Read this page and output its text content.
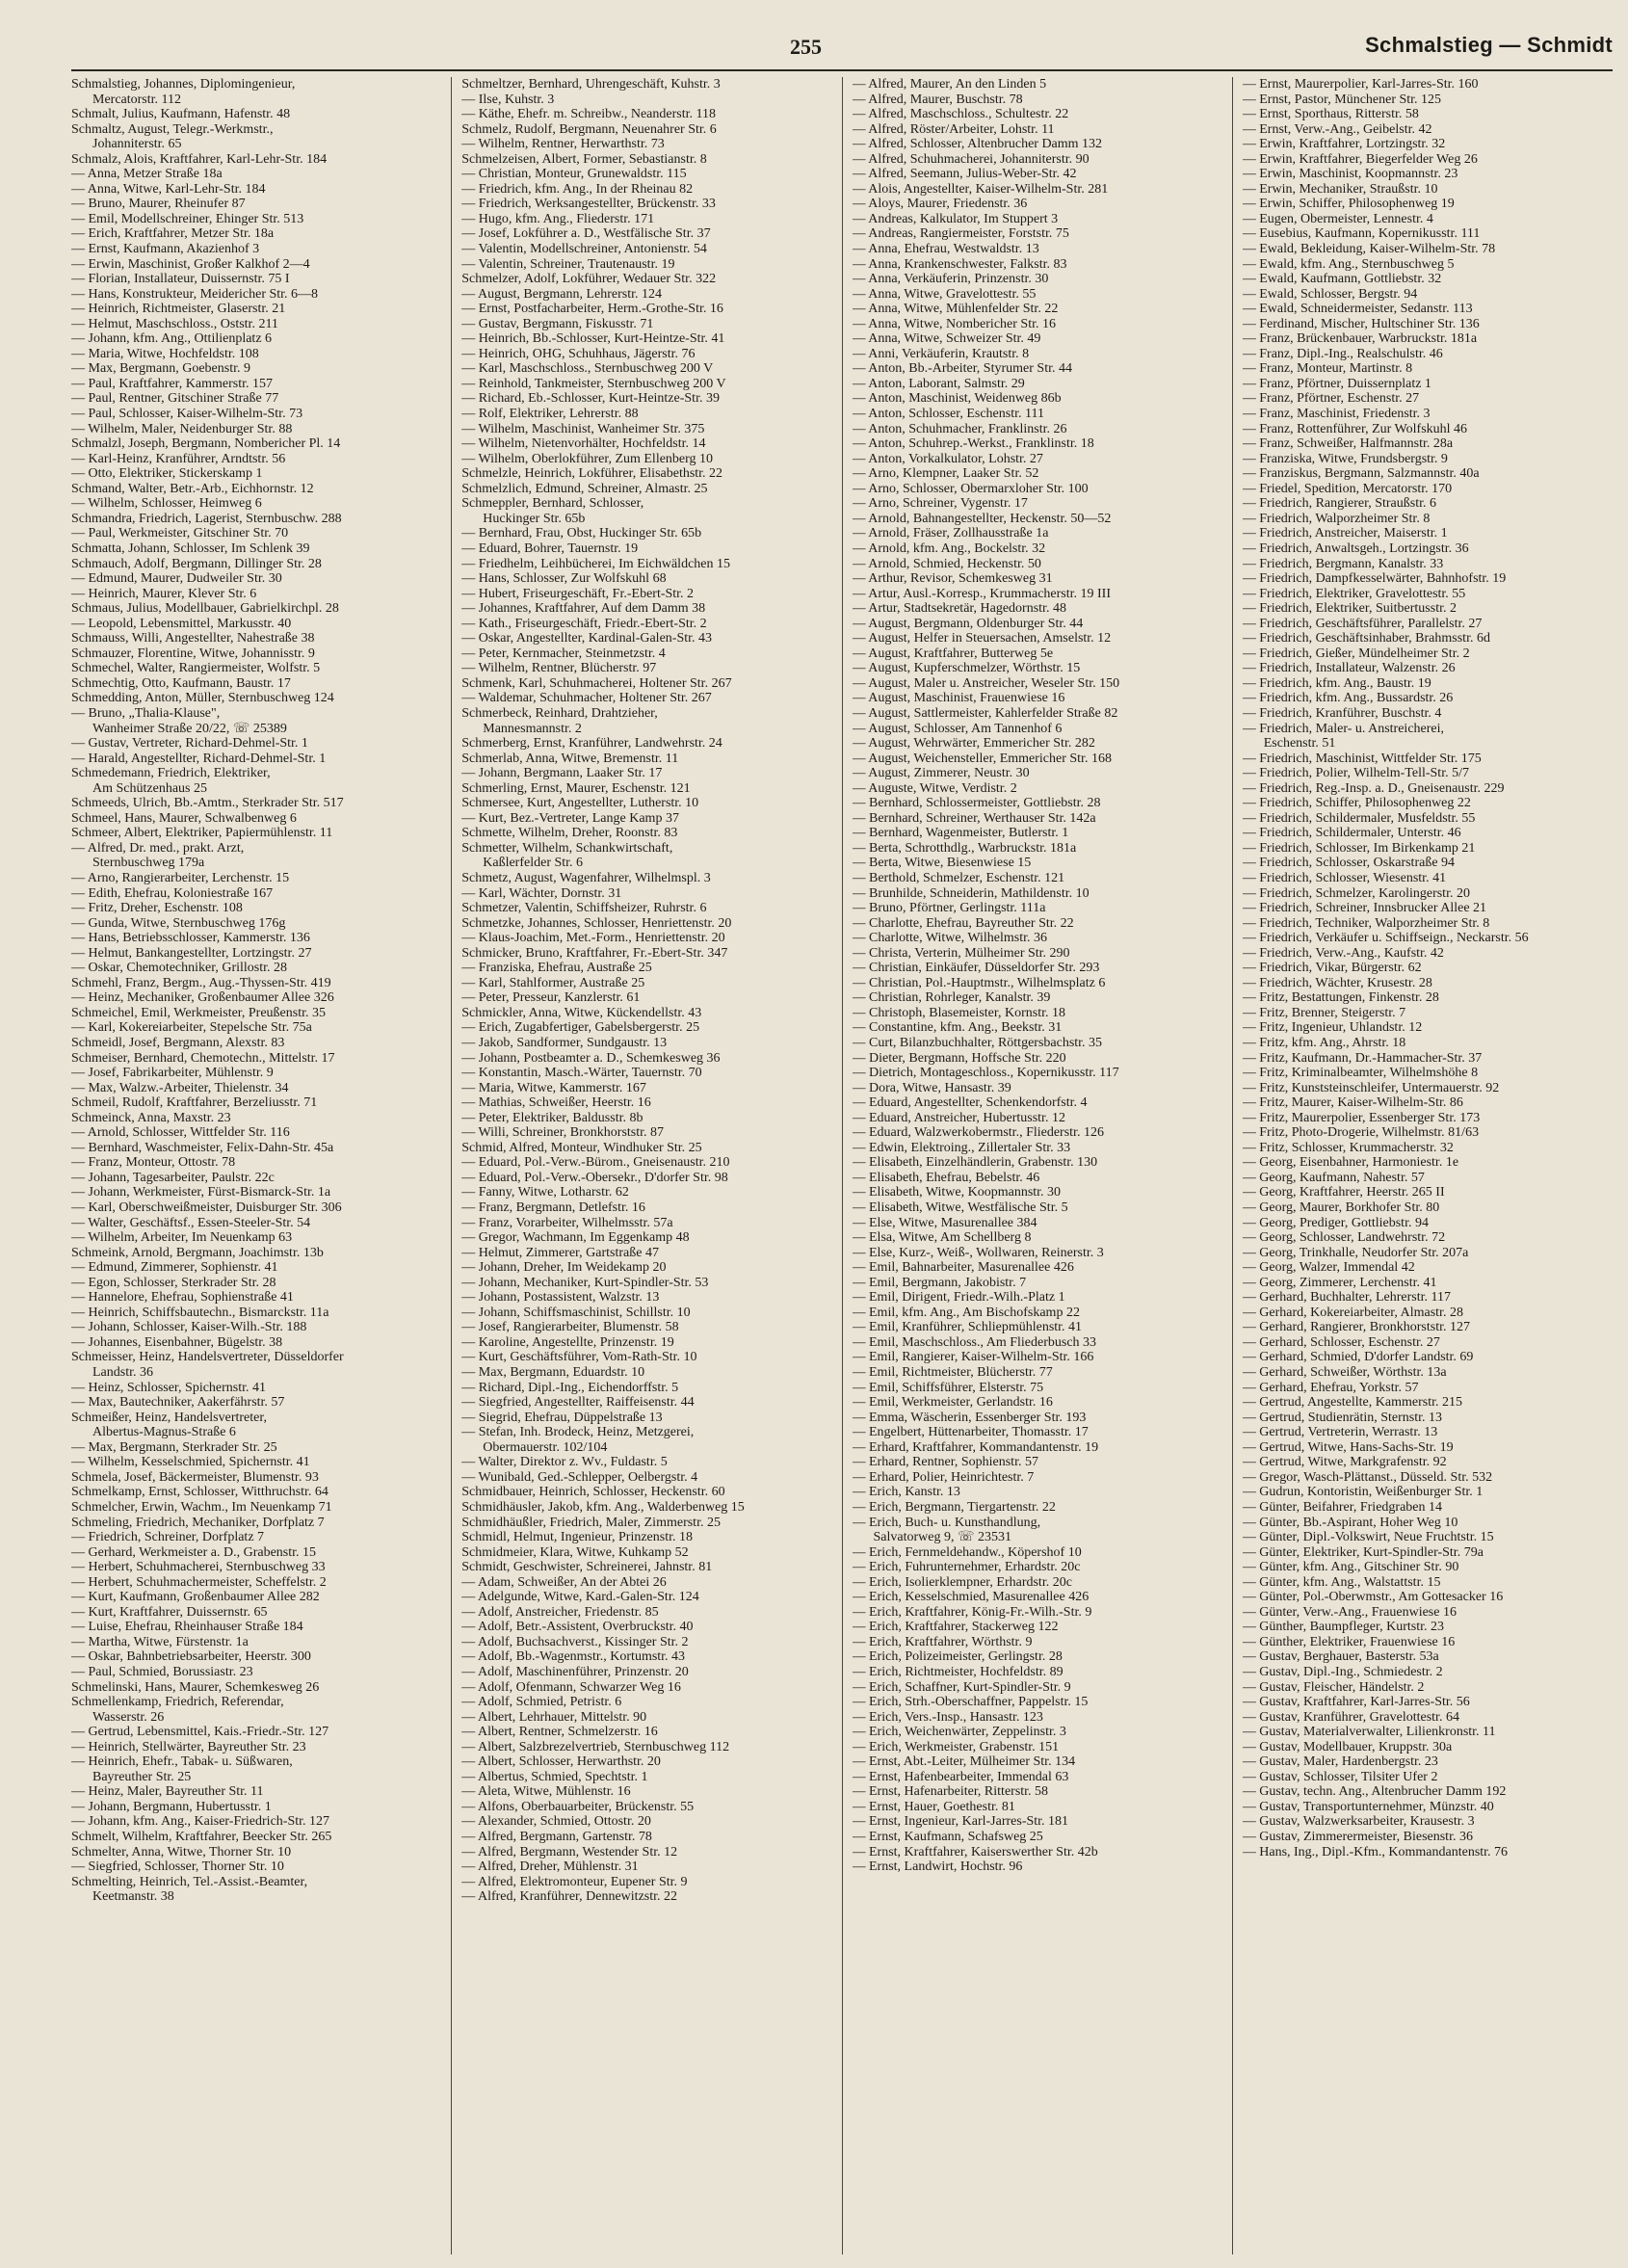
255	Schmalstieg — Schmidt
Schmalstieg, Johannes, Diplomingenieur,
Mercatorstr. 112
Schmalt, Julius, Kaufmann, Hafenstr. 48
Schmaltz, August, Telegr.-Werkmstr.,
Johanniterstr. 65
Schmalz, Alois, Kraftfahrer, Karl-Lehr-Str. 184
— Anna, Metzer Straße 18a
— Anna, Witwe, Karl-Lehr-Str. 184
— Bruno, Maurer, Rheinufer 87
— Emil, Modellschreiner, Ehinger Str. 513
— Erich, Kraftfahrer, Metzer Str. 18a
— Ernst, Kaufmann, Akazienhof 3
— Erwin, Maschinist, Großer Kalkhof 2—4
— Florian, Installateur, Duissernstr. 75 I
— Hans, Konstrukteur, Meidericher Str. 6—8
— Heinrich, Richtmeister, Glaserstr. 21
— Helmut, Maschschloss., Oststr. 211
— Johann, kfm. Ang., Ottilienplatz 6
— Maria, Witwe, Hochfeldstr. 108
— Max, Bergmann, Goebenstr. 9
— Paul, Kraftfahrer, Kammerstr. 157
— Paul, Rentner, Gitschiner Straße 77
— Paul, Schlosser, Kaiser-Wilhelm-Str. 73
— Wilhelm, Maler, Neidenburger Str. 88
Schmalzl, Joseph, Bergmann, Nombericher Pl. 14
— Karl-Heinz, Kranführer, Arndtstr. 56
— Otto, Elektriker, Stickerskamp 1
Schmand, Walter, Betr.-Arb., Eichhornstr. 12
— Wilhelm, Schlosser, Heimweg 6
Schmandra, Friedrich, Lagerist, Sternbuschw. 288
— Paul, Werkmeister, Gitschiner Str. 70
Schmatta, Johann, Schlosser, Im Schlenk 39
Schmauch, Adolf, Bergmann, Dillinger Str. 28
— Edmund, Maurer, Dudweiler Str. 30
— Heinrich, Maurer, Klever Str. 6
Schmaus, Julius, Modellbauer, Gabrielkirchpl. 28
— Leopold, Lebensmittel, Markusstr. 40
Schmauss, Willi, Angestellter, Nahestraße 38
Schmauzer, Florentine, Witwe, Johannisstr. 9
Schmechel, Walter, Rangiermeister, Wolfstr. 5
Schmechtig, Otto, Kaufmann, Baustr. 17
Schmedding, Anton, Müller, Sternbuschweg 124
— Bruno, „Thalia-Klause",
Wanheimer Straße 20/22, ☏ 25389
— Gustav, Vertreter, Richard-Dehmel-Str. 1
— Harald, Angestellter, Richard-Dehmel-Str. 1
Schmedemann, Friedrich, Elektriker,
Am Schützenhaus 25
Schmeeds, Ulrich, Bb.-Amtm., Sterkrader Str. 517
Schmeel, Hans, Maurer, Schwalbenweg 6
Schmeer, Albert, Elektriker, Papiermühlenstr. 11
— Alfred, Dr. med., prakt. Arzt,
Sternbuschweg 179a
— Arno, Rangierarbeiter, Lerchenstr. 15
— Edith, Ehefrau, Koloniestraße 167
— Fritz, Dreher, Eschenstr. 108
— Gunda, Witwe, Sternbuschweg 176g
— Hans, Betriebsschlosser, Kammerstr. 136
— Helmut, Bankangestellter, Lortzingstr. 27
— Oskar, Chemotechniker, Grillostr. 28
Schmehl, Franz, Bergm., Aug.-Thyssen-Str. 419
— Heinz, Mechaniker, Großenbaumer Allee 326
Schmeichel, Emil, Werkmeister, Preußenstr. 35
— Karl, Kokereiarbeiter, Stepelsche Str. 75a
Schmeidl, Josef, Bergmann, Alexstr. 83
Schmeiser, Bernhard, Chemotechn., Mittelstr. 17
— Josef, Fabrikarbeiter, Mühlenstr. 9
— Max, Walzw.-Arbeiter, Thielenstr. 34
Schmeil, Rudolf, Kraftfahrer, Berzeliusstr. 71
Schmeinck, Anna, Maxstr. 23
— Arnold, Schlosser, Wittfelder Str. 116
— Bernhard, Waschmeister, Felix-Dahn-Str. 45a
— Franz, Monteur, Ottostr. 78
— Johann, Tagesarbeiter, Paulstr. 22c
— Johann, Werkmeister, Fürst-Bismarck-Str. 1a
— Karl, Oberschweißmeister, Duisburger Str. 306
— Walter, Geschäftsf., Essen-Steeler-Str. 54
— Wilhelm, Arbeiter, Im Neuenkamp 63
Schmeink, Arnold, Bergmann, Joachimstr. 13b
— Edmund, Zimmerer, Sophienstr. 41
— Egon, Schlosser, Sterkrader Str. 28
— Hannelore, Ehefrau, Sophienstraße 41
— Heinrich, Schiffsbautechn., Bismarckstr. 11a
— Johann, Schlosser, Kaiser-Wilh.-Str. 188
— Johannes, Eisenbahner, Bügelstr. 38
Schmeisser, Heinz, Handelsvertreter, Düsseldorfer
Landstr. 36
— Heinz, Schlosser, Spichernstr. 41
— Max, Bautechniker, Aakerfährstr. 57
Schmeißer, Heinz, Handelsvertreter,
Albertus-Magnus-Straße 6
— Max, Bergmann, Sterkrader Str. 25
— Wilhelm, Kesselschmied, Spichernstr. 41
Schmela, Josef, Bäckermeister, Blumenstr. 93
Schmelkamp, Ernst, Schlosser, Witthruchstr. 64
Schmelcher, Erwin, Wachm., Im Neuenkamp 71
Schmeling, Friedrich, Mechaniker, Dorfplatz 7
— Friedrich, Schreiner, Dorfplatz 7
— Gerhard, Werkmeister a. D., Grabenstr. 15
— Herbert, Schuhmacherei, Sternbuschweg 33
— Herbert, Schuhmachermeister, Scheffelstr. 2
— Kurt, Kaufmann, Großenbaumer Allee 282
— Kurt, Kraftfahrer, Duissernstr. 65
— Luise, Ehefrau, Rheinhauser Straße 184
— Martha, Witwe, Fürstenstr. 1a
— Oskar, Bahnbetriebsarbeiter, Heerstr. 300
— Paul, Schmied, Borussiastr. 23
Schmelinski, Hans, Maurer, Schemkesweg 26
Schmellenkamp, Friedrich, Referendar,
Wasserstr. 26
— Gertrud, Lebensmittel, Kais.-Friedr.-Str. 127
— Heinrich, Stellwärter, Bayreuther Str. 23
— Heinrich, Ehefr., Tabak- u. Süßwaren,
Bayreuther Str. 25
— Heinz, Maler, Bayreuther Str. 11
— Johann, Bergmann, Hubertusstr. 1
— Johann, kfm. Ang., Kaiser-Friedrich-Str. 127
Schmelt, Wilhelm, Kraftfahrer, Beecker Str. 265
Schmelter, Anna, Witwe, Thorner Str. 10
— Siegfried, Schlosser, Thorner Str. 10
Schmelting, Heinrich, Tel.-Assist.-Beamter,
Keetmanstr. 38
Schmeltzer, Bernhard, Uhrengeschäft, Kuhstr. 3
— Ilse, Kuhstr. 3
— Käthe, Ehefr. m. Schreibw., Neanderstr. 118
Schmelz, Rudolf, Bergmann, Neuenahrer Str. 6
— Wilhelm, Rentner, Herwarthstr. 73
Schmelzeisen, Albert, Former, Sebastianstr. 8
— Christian, Monteur, Grunewaldstr. 115
— Friedrich, kfm. Ang., In der Rheinau 82
— Friedrich, Werksangestellter, Brückenstr. 33
— Hugo, kfm. Ang., Fliederstr. 171
— Josef, Lokführer a. D., Westfälische Str. 37
— Valentin, Modellschreiner, Antonienstr. 54
— Valentin, Schreiner, Trautenaustr. 19
Schmelzer, Adolf, Lokführer, Wedauer Str. 322
— August, Bergmann, Lehrerstr. 124
— Ernst, Postfacharbeiter, Herm.-Grothe-Str. 16
— Gustav, Bergmann, Fiskusstr. 71
— Heinrich, Bb.-Schlosser, Kurt-Heintze-Str. 41
— Heinrich, OHG, Schuhhaus, Jägerstr. 76
— Karl, Maschschloss., Sternbuschweg 200 V
— Reinhold, Tankmeister, Sternbuschweg 200 V
— Richard, Eb.-Schlosser, Kurt-Heintze-Str. 39
— Rolf, Elektriker, Lehrerstr. 88
— Wilhelm, Maschinist, Wanheimer Str. 375
— Wilhelm, Nietenvorhälter, Hochfeldstr. 14
— Wilhelm, Oberlokführer, Zum Ellenberg 10
Schmelzle, Heinrich, Lokführer, Elisabethstr. 22
Schmelzlich, Edmund, Schreiner, Almastr. 25
Schmeppler, Bernhard, Schlosser,
Huckinger Str. 65b
— Bernhard, Frau, Obst, Huckinger Str. 65b
— Eduard, Bohrer, Tauernstr. 19
— Friedhelm, Leihbücherei, Im Eichwäldchen 15
— Hans, Schlosser, Zur Wolfskuhl 68
— Hubert, Friseurgeschäft, Fr.-Ebert-Str. 2
— Johannes, Kraftfahrer, Auf dem Damm 38
— Kath., Friseurgeschäft, Friedr.-Ebert-Str. 2
— Oskar, Angestellter, Kardinal-Galen-Str. 43
— Peter, Kernmacher, Steinmetzstr. 4
— Wilhelm, Rentner, Blücherstr. 97
Schmenk, Karl, Schuhmacherei, Holtener Str. 267
— Waldemar, Schuhmacher, Holtener Str. 267
Schmerbeck, Reinhard, Drahtzieher,
Mannesmannstr. 2
Schmerberg, Ernst, Kranführer, Landwehrstr. 24
Schmerlab, Anna, Witwe, Bremenstr. 11
— Johann, Bergmann, Laaker Str. 17
Schmerling, Ernst, Maurer, Eschenstr. 121
Schmersee, Kurt, Angestellter, Lutherstr. 10
— Kurt, Bez.-Vertreter, Lange Kamp 37
Schmette, Wilhelm, Dreher, Roonstr. 83
Schmetter, Wilhelm, Schankwirtschaft,
Kaßlerfelder Str. 6
Schmetz, August, Wagenfahrer, Wilhelmspl. 3
— Karl, Wächter, Dornstr. 31
Schmetzer, Valentin, Schiffsheizer, Ruhrstr. 6
Schmetzke, Johannes, Schlosser, Henriettenstr. 20
— Klaus-Joachim, Met.-Form., Henriettenstr. 20
Schmicker, Bruno, Kraftfahrer, Fr.-Ebert-Str. 347
— Franziska, Ehefrau, Austraße 25
— Karl, Stahlformer, Austraße 25
— Peter, Presseur, Kanzlerstr. 61
Schmickler, Anna, Witwe, Kückendellstr. 43
— Erich, Zugabfertiger, Gabelsbergerstr. 25
— Jakob, Sandformer, Sundgaustr. 13
— Johann, Postbeamter a. D., Schemkesweg 36
— Konstantin, Masch.-Wärter, Tauernstr. 70
— Maria, Witwe, Kammerstr. 167
— Mathias, Schweißer, Heerstr. 16
— Peter, Elektriker, Baldusstr. 8b
— Willi, Schreiner, Bronkhorststr. 87
Schmid, Alfred, Monteur, Windhuker Str. 25
— Eduard, Pol.-Verw.-Bürom., Gneisenaustr. 210
— Eduard, Pol.-Verw.-Obersekr., D'dorfer Str. 98
— Fanny, Witwe, Lotharstr. 62
— Franz, Bergmann, Detlefstr. 16
— Franz, Vorarbeiter, Wilhelmsstr. 57a
— Gregor, Wachmann, Im Eggenkamp 48
— Helmut, Zimmerer, Gartstraße 47
— Johann, Dreher, Im Weidekamp 20
— Johann, Mechaniker, Kurt-Spindler-Str. 53
— Johann, Postassistent, Walzstr. 13
— Johann, Schiffsmaschinist, Schillstr. 10
— Josef, Rangierarbeiter, Blumenstr. 58
— Karoline, Angestellte, Prinzenstr. 19
— Kurt, Geschäftsführer, Vom-Rath-Str. 10
— Max, Bergmann, Eduardstr. 10
— Richard, Dipl.-Ing., Eichendorffstr. 5
— Siegfried, Angestellter, Raiffeisenstr. 44
— Siegrid, Ehefrau, Düppelstraße 13
— Stefan, Inh. Brodeck, Heinz, Metzgerei,
Obermauerstr. 102/104
— Walter, Direktor z. Wv., Fuldastr. 5
— Wunibald, Ged.-Schlepper, Oelbergstr. 4
Schmidbauer, Heinrich, Schlosser, Heckenstr. 60
Schmidhäusler, Jakob, kfm. Ang., Walderbenweg 15
Schmidhäußler, Friedrich, Maler, Zimmerstr. 25
Schmidl, Helmut, Ingenieur, Prinzenstr. 18
Schmidmeier, Klara, Witwe, Kuhkamp 52
Schmidt, Geschwister, Schreinerei, Jahnstr. 81
— Adam, Schweißer, An der Abtei 26
— Adelgunde, Witwe, Kard.-Galen-Str. 124
— Adolf, Anstreicher, Friedenstr. 85
— Adolf, Betr.-Assistent, Overbruckstr. 40
— Adolf, Buchsachverst., Kissinger Str. 2
— Adolf, Bb.-Wagenmstr., Kortumstr. 43
— Adolf, Maschinenführer, Prinzenstr. 20
— Adolf, Ofenmann, Schwarzer Weg 16
— Adolf, Schmied, Petristr. 6
— Albert, Lehrhauer, Mittelstr. 90
— Albert, Rentner, Schmelzerstr. 16
— Albert, Salzbrezelvertrieb, Sternbuschweg 112
— Albert, Schlosser, Herwarthstr. 20
— Albertus, Schmied, Spechtstr. 1
— Aleta, Witwe, Mühlenstr. 16
— Alfons, Oberbauarbeiter, Brückenstr. 55
— Alexander, Schmied, Ottostr. 20
— Alfred, Bergmann, Gartenstr. 78
— Alfred, Bergmann, Westender Str. 12
— Alfred, Dreher, Mühlenstr. 31
— Alfred, Elektromonteur, Eupener Str. 9
— Alfred, Kranführer, Dennewitzstr. 22
— Alfred, Maurer, An den Linden 5
— Alfred, Maurer, Buschstr. 78
— Alfred, Maschschloss., Schultestr. 22
— Alfred, Röster/Arbeiter, Lohstr. 11
— Alfred, Schlosser, Altenbrucher Damm 132
— Alfred, Schuhmacherei, Johanniterstr. 90
— Alfred, Seemann, Julius-Weber-Str. 42
— Alois, Angestellter, Kaiser-Wilhelm-Str. 281
— Aloys, Maurer, Friedenstr. 36
— Andreas, Kalkulator, Im Stuppert 3
— Andreas, Rangiermeister, Forststr. 75
— Anna, Ehefrau, Westwaldstr. 13
— Anna, Krankenschwester, Falkstr. 83
— Anna, Verkäuferin, Prinzenstr. 30
— Anna, Witwe, Gravelottestr. 55
— Anna, Witwe, Mühlenfelder Str. 22
— Anna, Witwe, Nombericher Str. 16
— Anna, Witwe, Schweizer Str. 49
— Anni, Verkäuferin, Krautstr. 8
— Anton, Bb.-Arbeiter, Styrumer Str. 44
— Anton, Laborant, Salmstr. 29
— Anton, Maschinist, Weidenweg 86b
— Anton, Schlosser, Eschenstr. 111
— Anton, Schuhmacher, Franklinstr. 26
— Anton, Schuhrep.-Werkst., Franklinstr. 18
— Anton, Vorkalkulator, Lohstr. 27
— Arno, Klempner, Laaker Str. 52
— Arno, Schlosser, Obermarxloher Str. 100
— Arno, Schreiner, Vygenstr. 17
— Arnold, Bahnangestellter, Heckenstr. 50—52
— Arnold, Fräser, Zollhausstraße 1a
— Arnold, kfm. Ang., Bockelstr. 32
— Arnold, Schmied, Heckenstr. 50
— Arthur, Revisor, Schemkesweg 31
— Artur, Ausl.-Korresp., Krummacherstr. 19 III
— Artur, Stadtsekretär, Hagedornstr. 48
— August, Bergmann, Oldenburger Str. 44
— August, Helfer in Steuersachen, Amselstr. 12
— August, Kraftfahrer, Butterweg 5e
— August, Kupferschmelzer, Wörthstr. 15
— August, Maler u. Anstreicher, Weseler Str. 150
— August, Maschinist, Frauenwiese 16
— August, Sattlermeister, Kahlerfelder Straße 82
— August, Schlosser, Am Tannenhof 6
— August, Wehrwärter, Emmericher Str. 282
— August, Weichensteller, Emmericher Str. 168
— August, Zimmerer, Neustr. 30
— Auguste, Witwe, Verdistr. 2
— Bernhard, Schlossermeister, Gottliebstr. 28
— Bernhard, Schreiner, Werthauser Str. 142a
— Bernhard, Wagenmeister, Butlerstr. 1
— Berta, Schrotthdlg., Warbruckstr. 181a
— Berta, Witwe, Biesenwiese 15
— Berthold, Schmelzer, Eschenstr. 121
— Brunhilde, Schneiderin, Mathildenstr. 10
— Bruno, Pförtner, Gerlingstr. 111a
— Charlotte, Ehefrau, Bayreuther Str. 22
— Charlotte, Witwe, Wilhelmstr. 36
— Christa, Verterin, Mülheimer Str. 290
— Christian, Einkäufer, Düsseldorfer Str. 293
— Christian, Pol.-Hauptmstr., Wilhelmsplatz 6
— Christian, Rohrleger, Kanalstr. 39
— Christoph, Blasemeister, Kornstr. 18
— Constantine, kfm. Ang., Beekstr. 31
— Curt, Bilanzbuchhalter, Röttgersbachstr. 35
— Dieter, Bergmann, Hoffsche Str. 220
— Dietrich, Montageschloss., Kopernikusstr. 117
— Dora, Witwe, Hansastr. 39
— Eduard, Angestellter, Schenkendorfstr. 4
— Eduard, Anstreicher, Hubertusstr. 12
— Eduard, Walzwerkobermstr., Fliederstr. 126
— Edwin, Elektroing., Zillertaler Str. 33
— Elisabeth, Einzelhändlerin, Grabenstr. 130
— Elisabeth, Ehefrau, Bebelstr. 46
— Elisabeth, Witwe, Koopmannstr. 30
— Elisabeth, Witwe, Westfälische Str. 5
— Else, Witwe, Masurenallee 384
— Elsa, Witwe, Am Schellberg 8
— Else, Kurz-, Weiß-, Wollwaren, Reinerstr. 3
— Emil, Bahnarbeiter, Masurenallee 426
— Emil, Bergmann, Jakobistr. 7
— Emil, Dirigent, Friedr.-Wilh.-Platz 1
— Emil, kfm. Ang., Am Bischofskamp 22
— Emil, Kranführer, Schliepmühlenstr. 41
— Emil, Maschschloss., Am Fliederbusch 33
— Emil, Rangierer, Kaiser-Wilhelm-Str. 166
— Emil, Richtmeister, Blücherstr. 77
— Emil, Schiffsführer, Elsterstr. 75
— Emil, Werkmeister, Gerlandstr. 16
— Emma, Wäscherin, Essenberger Str. 193
— Engelbert, Hüttenarbeiter, Thomasstr. 17
— Erhard, Kraftfahrer, Kommandantenstr. 19
— Erhard, Rentner, Sophienstr. 57
— Erhard, Polier, Heinrichtestr. 7
— Erich, Kanstr. 13
— Erich, Bergmann, Tiergartenstr. 22
— Erich, Buch- u. Kunsthandlung,
Salvatorweg 9, ☏ 23531
— Erich, Fernmeldehandw., Köpershof 10
— Erich, Fuhrunternehmer, Erhardstr. 20c
— Erich, Isolierklempner, Erhardstr. 20c
— Erich, Kesselschmied, Masurenallee 426
— Erich, Kraftfahrer, König-Fr.-Wilh.-Str. 9
— Erich, Kraftfahrer, Stackerweg 122
— Erich, Kraftfahrer, Wörthstr. 9
— Erich, Polizeimeister, Gerlingstr. 28
— Erich, Richtmeister, Hochfeldstr. 89
— Erich, Schaffner, Kurt-Spindler-Str. 9
— Erich, Strh.-Oberschaffner, Pappelstr. 15
— Erich, Vers.-Insp., Hansastr. 123
— Erich, Weichenwärter, Zeppelinstr. 3
— Erich, Werkmeister, Grabenstr. 151
— Ernst, Abt.-Leiter, Mülheimer Str. 134
— Ernst, Hafenbearbeiter, Immendal 63
— Ernst, Hafenarbeiter, Ritterstr. 58
— Ernst, Hauer, Goethestr. 81
— Ernst, Ingenieur, Karl-Jarres-Str. 181
— Ernst, Kaufmann, Schafsweg 25
— Ernst, Kraftfahrer, Kaiserswerther Str. 42b
— Ernst, Landwirt, Hochstr. 96
— Ernst, Maurerpolier, Karl-Jarres-Str. 160
— Ernst, Pastor, Münchener Str. 125
— Ernst, Sporthaus, Ritterstr. 58
— Ernst, Verw.-Ang., Geibelstr. 42
— Erwin, Kraftfahrer, Lortzingstr. 32
— Erwin, Kraftfahrer, Biegerfelder Weg 26
— Erwin, Maschinist, Koopmannstr. 23
— Erwin, Mechaniker, Straußstr. 10
— Erwin, Schiffer, Philosophenweg 19
— Eugen, Obermeister, Lennestr. 4
— Eusebius, Kaufmann, Kopernikusstr. 111
— Ewald, Bekleidung, Kaiser-Wilhelm-Str. 78
— Ewald, kfm. Ang., Sternbuschweg 5
— Ewald, Kaufmann, Gottliebstr. 32
— Ewald, Schlosser, Bergstr. 94
— Ewald, Schneidermeister, Sedanstr. 113
— Ferdinand, Mischer, Hultschiner Str. 136
— Franz, Brückenbauer, Warbruckstr. 181a
— Franz, Dipl.-Ing., Realschulstr. 46
— Franz, Monteur, Martinstr. 8
— Franz, Pförtner, Duissernplatz 1
— Franz, Pförtner, Eschenstr. 27
— Franz, Maschinist, Friedenstr. 3
— Franz, Rottenführer, Zur Wolfskuhl 46
— Franz, Schweißer, Halfmannstr. 28a
— Franziska, Witwe, Frundsbergstr. 9
— Franziskus, Bergmann, Salzmannstr. 40a
— Friedel, Spedition, Mercatorstr. 170
— Friedrich, Rangierer, Straußstr. 6
— Friedrich, Walporzheimer Str. 8
— Friedrich, Anstreicher, Maiserstr. 1
— Friedrich, Anwaltsgeh., Lortzingstr. 36
— Friedrich, Bergmann, Kanalstr. 33
— Friedrich, Dampfkesselwärter, Bahnhofstr. 19
— Friedrich, Elektriker, Gravelottestr. 55
— Friedrich, Elektriker, Suitbertusstr. 2
— Friedrich, Geschäftsführer, Parallelstr. 27
— Friedrich, Geschäftsinhaber, Brahmsstr. 6d
— Friedrich, Gießer, Mündelheimer Str. 2
— Friedrich, Installateur, Walzenstr. 26
— Friedrich, kfm. Ang., Baustr. 19
— Friedrich, kfm. Ang., Bussardstr. 26
— Friedrich, Kranführer, Buschstr. 4
— Friedrich, Maler- u. Anstreicherei,
Eschenstr. 51
— Friedrich, Maschinist, Wittfelder Str. 175
— Friedrich, Polier, Wilhelm-Tell-Str. 5/7
— Friedrich, Reg.-Insp. a. D., Gneisenaustr. 229
— Friedrich, Schiffer, Philosophenweg 22
— Friedrich, Schildermaler, Musfeldstr. 55
— Friedrich, Schildermaler, Unterstr. 46
— Friedrich, Schlosser, Im Birkenkamp 21
— Friedrich, Schlosser, Oskarstraße 94
— Friedrich, Schlosser, Wiesenstr. 41
— Friedrich, Schmelzer, Karolingerstr. 20
— Friedrich, Schreiner, Innsbrucker Allee 21
— Friedrich, Techniker, Walporzheimer Str. 8
— Friedrich, Verkäufer u. Schiffseign., Neckarstr. 56
— Friedrich, Verw.-Ang., Kaufstr. 42
— Friedrich, Vikar, Bürgerstr. 62
— Friedrich, Wächter, Krusestr. 28
— Fritz, Bestattungen, Finkenstr. 28
— Fritz, Brenner, Steigerstr. 7
— Fritz, Ingenieur, Uhlandstr. 12
— Fritz, kfm. Ang., Ahrstr. 18
— Fritz, Kaufmann, Dr.-Hammacher-Str. 37
— Fritz, Kriminalbeamter, Wilhelmshöhe 8
— Fritz, Kunststeinschleifer, Untermauerstr. 92
— Fritz, Maurer, Kaiser-Wilhelm-Str. 86
— Fritz, Maurerpolier, Essenberger Str. 173
— Fritz, Photo-Drogerie, Wilhelmstr. 81/63
— Fritz, Schlosser, Krummacherstr. 32
— Georg, Eisenbahner, Harmoniestr. 1e
— Georg, Kaufmann, Nahestr. 57
— Georg, Kraftfahrer, Heerstr. 265 II
— Georg, Maurer, Borkhofer Str. 80
— Georg, Prediger, Gottliebstr. 94
— Georg, Schlosser, Landwehrstr. 72
— Georg, Trinkhalle, Neudorfer Str. 207a
— Georg, Walzer, Immendal 42
— Georg, Zimmerer, Lerchenstr. 41
— Gerhard, Buchhalter, Lehrerstr. 117
— Gerhard, Kokereiarbeiter, Almastr. 28
— Gerhard, Rangierer, Bronkhorststr. 127
— Gerhard, Schlosser, Eschenstr. 27
— Gerhard, Schmied, D'dorfer Landstr. 69
— Gerhard, Schweißer, Wörthstr. 13a
— Gerhard, Ehefrau, Yorkstr. 57
— Gertrud, Angestellte, Kammerstr. 215
— Gertrud, Studienrätin, Sternstr. 13
— Gertrud, Vertreterin, Werrastr. 13
— Gertrud, Witwe, Hans-Sachs-Str. 19
— Gertrud, Witwe, Markgrafenstr. 92
— Gregor, Wasch-Plättanst., Düsseld. Str. 532
— Gudrun, Kontoristin, Weißenburger Str. 1
— Günter, Beifahrer, Friedgraben 14
— Günter, Bb.-Aspirant, Hoher Weg 10
— Günter, Dipl.-Volkswirt, Neue Fruchtstr. 15
— Günter, Elektriker, Kurt-Spindler-Str. 79a
— Günter, kfm. Ang., Gitschiner Str. 90
— Günter, kfm. Ang., Walstattstr. 15
— Günter, Pol.-Oberwmstr., Am Gottesacker 16
— Günter, Verw.-Ang., Frauenwiese 16
— Günther, Baumpfleger, Kurtstr. 23
— Günther, Elektriker, Frauenwiese 16
— Gustav, Berghauer, Basterstr. 53a
— Gustav, Dipl.-Ing., Schmiedestr. 2
— Gustav, Fleischer, Händelstr. 2
— Gustav, Kraftfahrer, Karl-Jarres-Str. 56
— Gustav, Kranführer, Gravelottestr. 64
— Gustav, Materialverwalter, Lilienkronstr. 11
— Gustav, Modellbauer, Kruppstr. 30a
— Gustav, Maler, Hardenbergstr. 23
— Gustav, Schlosser, Tilsiter Ufer 2
— Gustav, techn. Ang., Altenbrucher Damm 192
— Gustav, Transportunternehmer, Münzstr. 40
— Gustav, Walzwerksarbeiter, Krausestr. 3
— Gustav, Zimmerermeister, Biesenstr. 36
— Hans, Ing., Dipl.-Kfm., Kommandantenstr. 76
